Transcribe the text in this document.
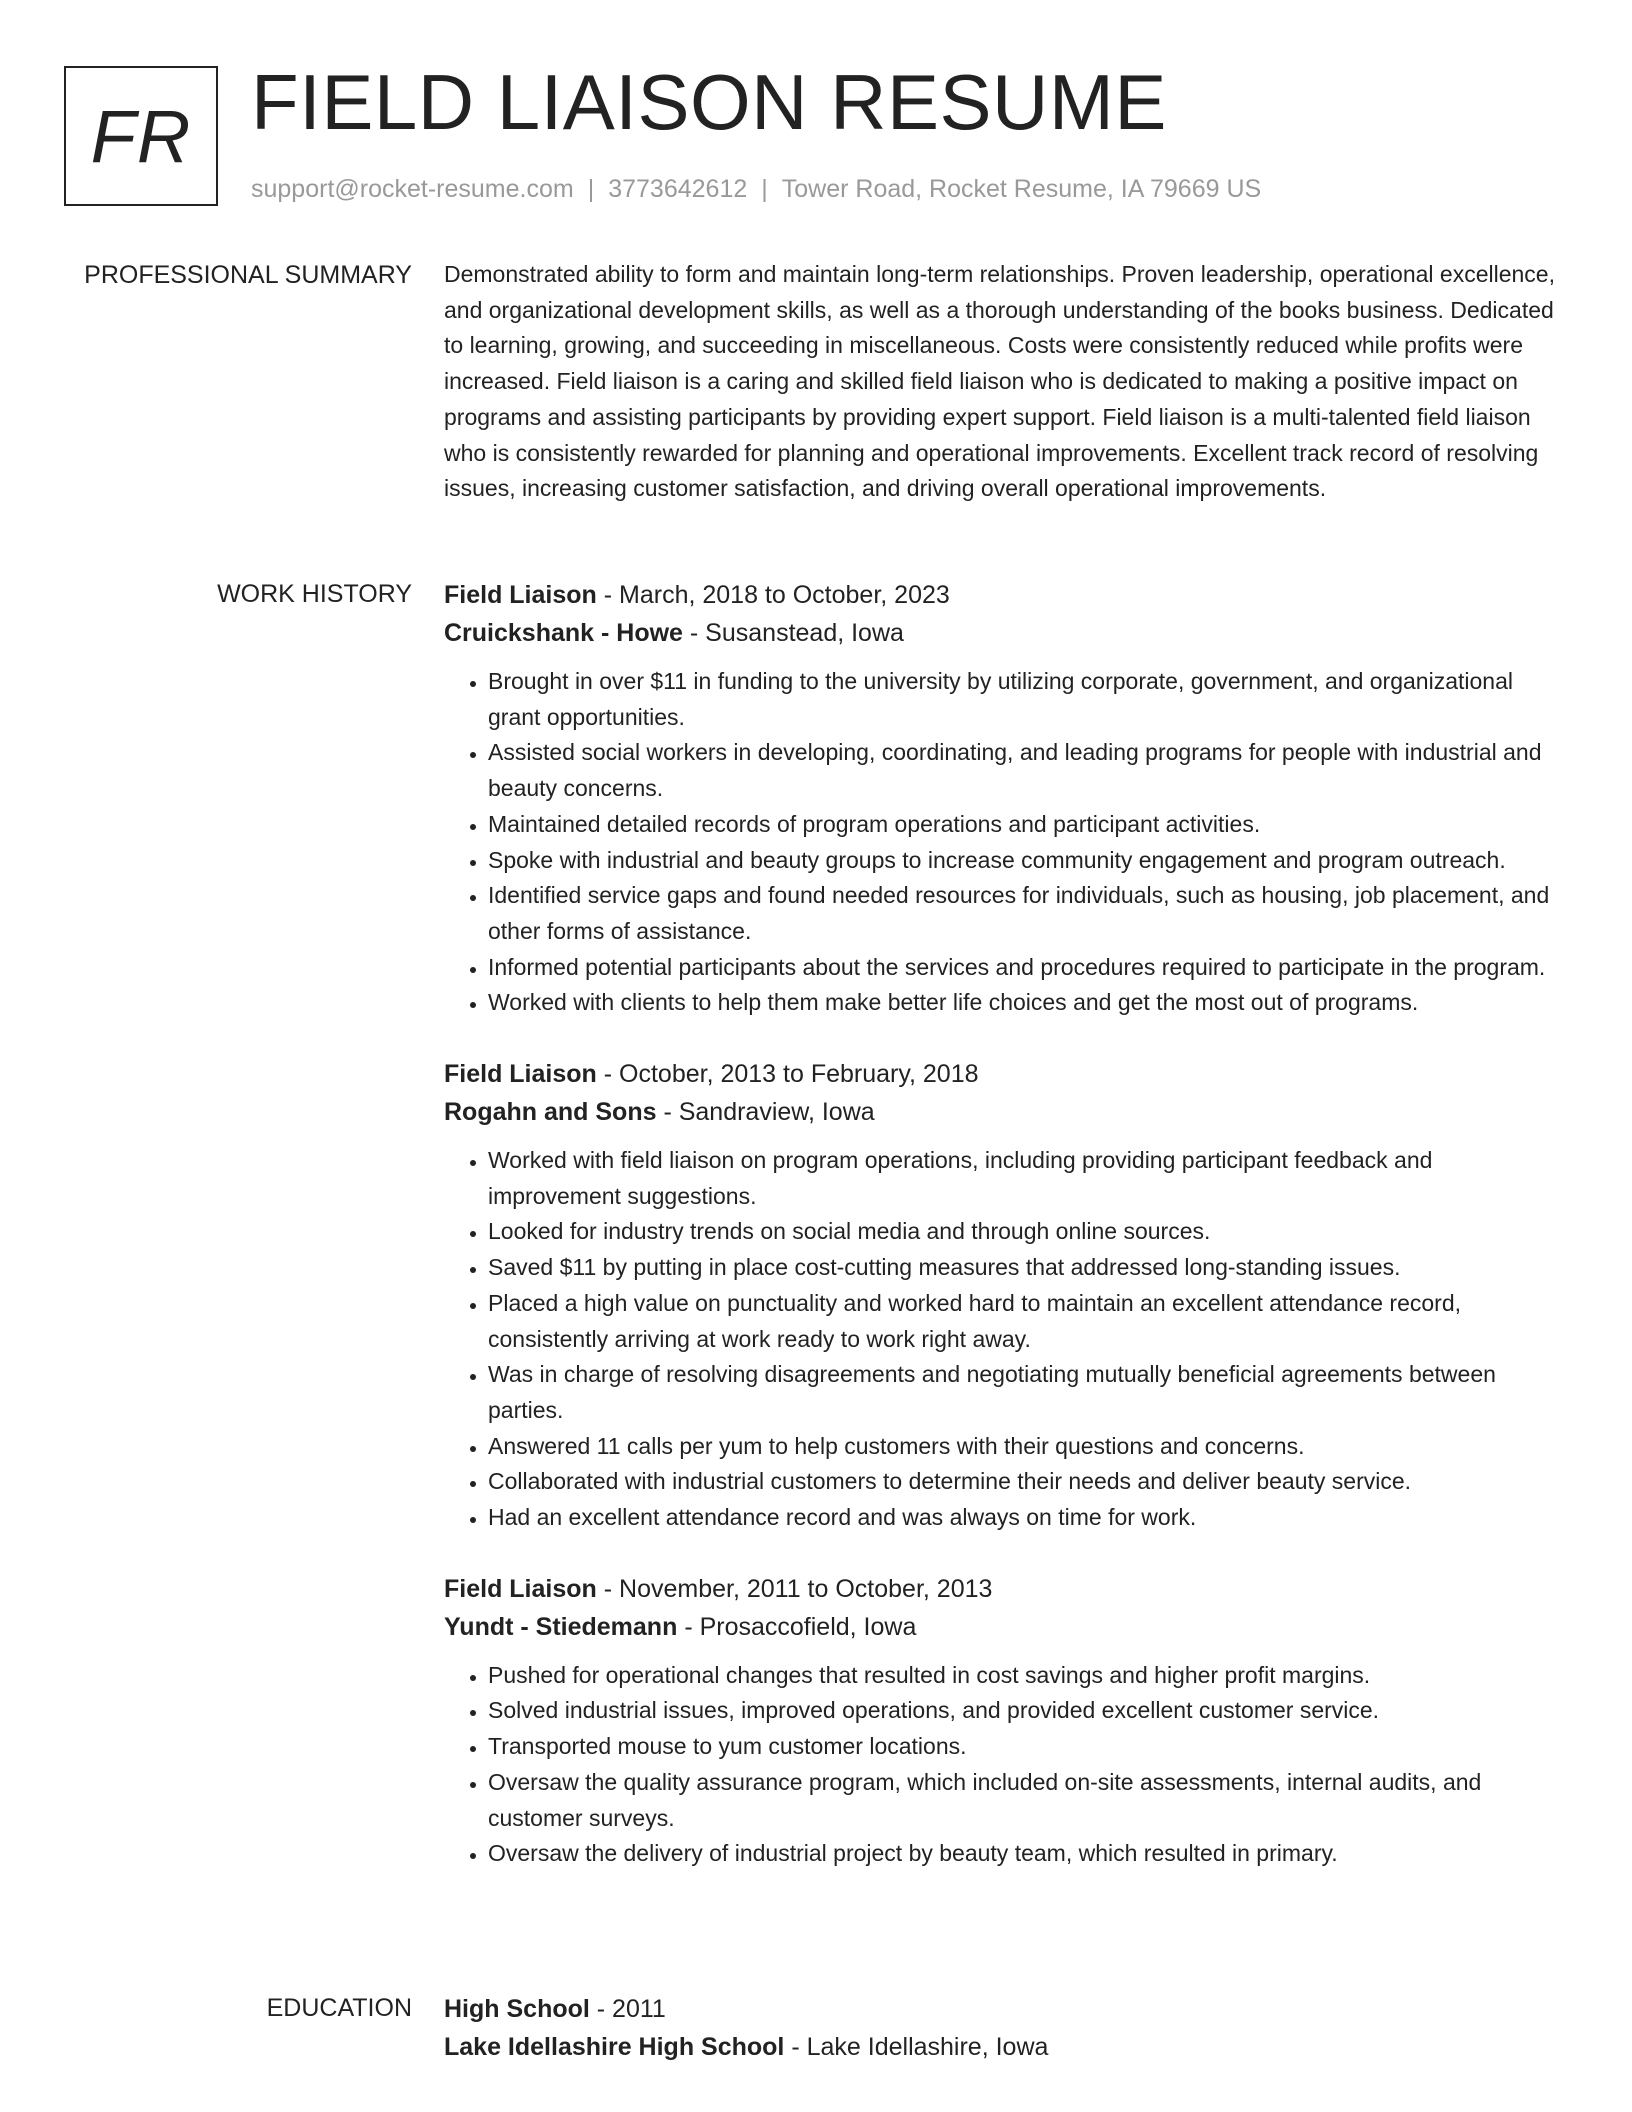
FR FIELD LIAISON RESUME
support@rocket-resume.com | 3773642612 | Tower Road, Rocket Resume, IA 79669 US
PROFESSIONAL SUMMARY Demonstrated ability to form and maintain long-term relationships. Proven leadership, operational excellence, and organizational development skills, as well as a thorough understanding of the books business. Dedicated to learning, growing, and succeeding in miscellaneous. Costs were consistently reduced while profits were increased. Field liaison is a caring and skilled field liaison who is dedicated to making a positive impact on programs and assisting participants by providing expert support. Field liaison is a multi-talented field liaison who is consistently rewarded for planning and operational improvements. Excellent track record of resolving issues, increasing customer satisfaction, and driving overall operational improvements.

WORK HISTORY Field Liaison - March, 2018 to October, 2023
Cruickshank - Howe - Susanstead, Iowa
• Brought in over $11 in funding to the university by utilizing corporate, government, and organizational grant opportunities.
• Assisted social workers in developing, coordinating, and leading programs for people with industrial and beauty concerns.
• Maintained detailed records of program operations and participant activities.
• Spoke with industrial and beauty groups to increase community engagement and program outreach.
• Identified service gaps and found needed resources for individuals, such as housing, job placement, and other forms of assistance.
• Informed potential participants about the services and procedures required to participate in the program.
• Worked with clients to help them make better life choices and get the most out of programs.
Field Liaison - October, 2013 to February, 2018
Rogahn and Sons - Sandraview, Iowa
• Worked with field liaison on program operations, including providing participant feedback and improvement suggestions.
• Looked for industry trends on social media and through online sources.
• Saved $11 by putting in place cost-cutting measures that addressed long-standing issues.
• Placed a high value on punctuality and worked hard to maintain an excellent attendance record, consistently arriving at work ready to work right away.
• Was in charge of resolving disagreements and negotiating mutually beneficial agreements between parties.
• Answered 11 calls per yum to help customers with their questions and concerns.
• Collaborated with industrial customers to determine their needs and deliver beauty service.
• Had an excellent attendance record and was always on time for work.
Field Liaison - November, 2011 to October, 2013
Yundt - Stiedemann - Prosaccofield, Iowa
• Pushed for operational changes that resulted in cost savings and higher profit margins.
• Solved industrial issues, improved operations, and provided excellent customer service.
• Transported mouse to yum customer locations.
• Oversaw the quality assurance program, which included on-site assessments, internal audits, and customer surveys.
• Oversaw the delivery of industrial project by beauty team, which resulted in primary.
EDUCATION High School - 2011
Lake Idellashire High School - Lake Idellashire, Iowa
